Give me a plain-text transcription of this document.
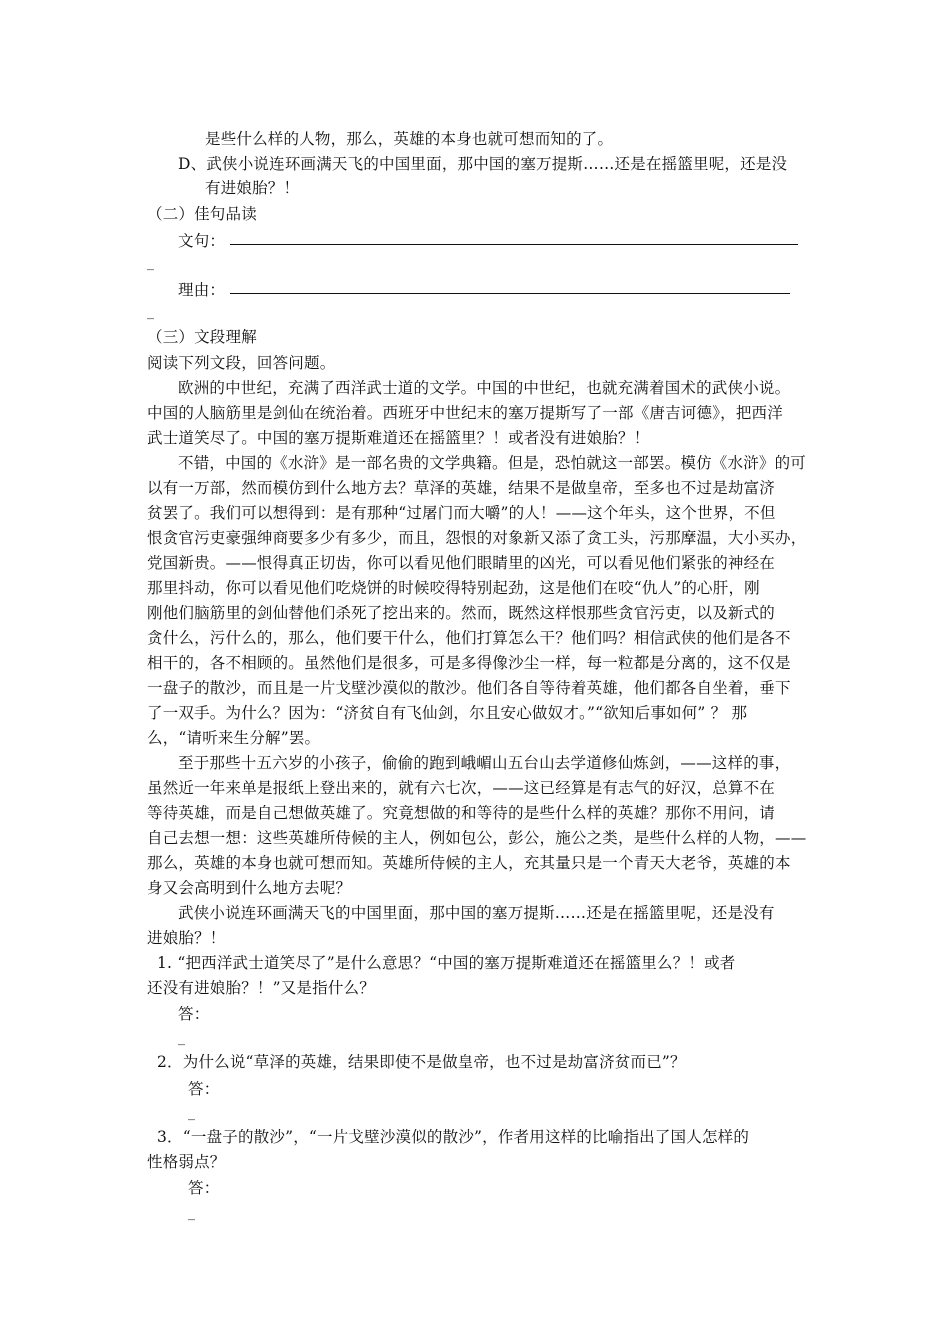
是些什么样的人物，那么，英雄的本身也就可想而知的了。
D、武侠小说连环画满天飞的中国里面，那中国的塞万提斯……还是在摇篮里呢，还是没
有进娘胎？！
（二）佳句品读
文句：
_
理由：
_
（三）文段理解
阅读下列文段，回答问题。
欧洲的中世纪，充满了西洋武士道的文学。中国的中世纪，也就充满着国术的武侠小说。
中国的人脑筋里是剑仙在统治着。西班牙中世纪末的塞万提斯写了一部《唐吉诃德》，把西洋
武士道笑尽了。中国的塞万提斯难道还在摇篮里？！或者没有进娘胎？！
不错，中国的《水浒》是一部名贵的文学典籍。但是，恐怕就这一部罢。模仿《水浒》的可
以有一万部，然而模仿到什么地方去？草泽的英雄，结果不是做皇帝，至多也不过是劫富济
贫罢了。我们可以想得到：是有那种“过屠门而大嚼”的人！——这个年头，这个世界，不但
恨贪官污吏豪强绅商要多少有多少，而且，怨恨的对象新又添了贪工头，污那摩温，大小买办，
党国新贵。——恨得真正切齿，你可以看见他们眼睛里的凶光，可以看见他们紧张的神经在
那里抖动，你可以看见他们吃烧饼的时候咬得特别起劲，这是他们在咬“仇人”的心肝，刚
刚他们脑筋里的剑仙替他们杀死了挖出来的。然而，既然这样恨那些贪官污吏，以及新式的
贪什么，污什么的，那么，他们要干什么，他们打算怎么干？他们吗？相信武侠的他们是各不
相干的，各不相顾的。虽然他们是很多，可是多得像沙尘一样，每一粒都是分离的，这不仅是
一盘子的散沙，而且是一片戈壁沙漠似的散沙。他们各自等待着英雄，他们都各自坐着，垂下
了一双手。为什么？因为：“济贫自有飞仙剑，尔且安心做奴才。”“欲知后事如何” ？ 那
么，“请听来生分解”罢。
至于那些十五六岁的小孩子，偷偷的跑到峨嵋山五台山去学道修仙炼剑，——这样的事，
虽然近一年来单是报纸上登出来的，就有六七次，——这已经算是有志气的好汉，总算不在
等待英雄，而是自己想做英雄了。究竟想做的和等待的是些什么样的英雄？那你不用问，请
自己去想一想：这些英雄所侍候的主人，例如包公，彭公，施公之类，是些什么样的人物，——
那么，英雄的本身也就可想而知。英雄所侍候的主人，充其量只是一个青天大老爷，英雄的本
身又会高明到什么地方去呢？
武侠小说连环画满天飞的中国里面，那中国的塞万提斯……还是在摇篮里呢，还是没有
进娘胎？！
1. “把西洋武士道笑尽了”是什么意思？“中国的塞万提斯难道还在摇篮里么？！或者
还没有进娘胎？！”又是指什么？
答：
_
2．为什么说“草泽的英雄，结果即使不是做皇帝，也不过是劫富济贫而已”？
答：
_
3．“一盘子的散沙”，“一片戈壁沙漠似的散沙”，作者用这样的比喻指出了国人怎样的
性格弱点？
答：
_
